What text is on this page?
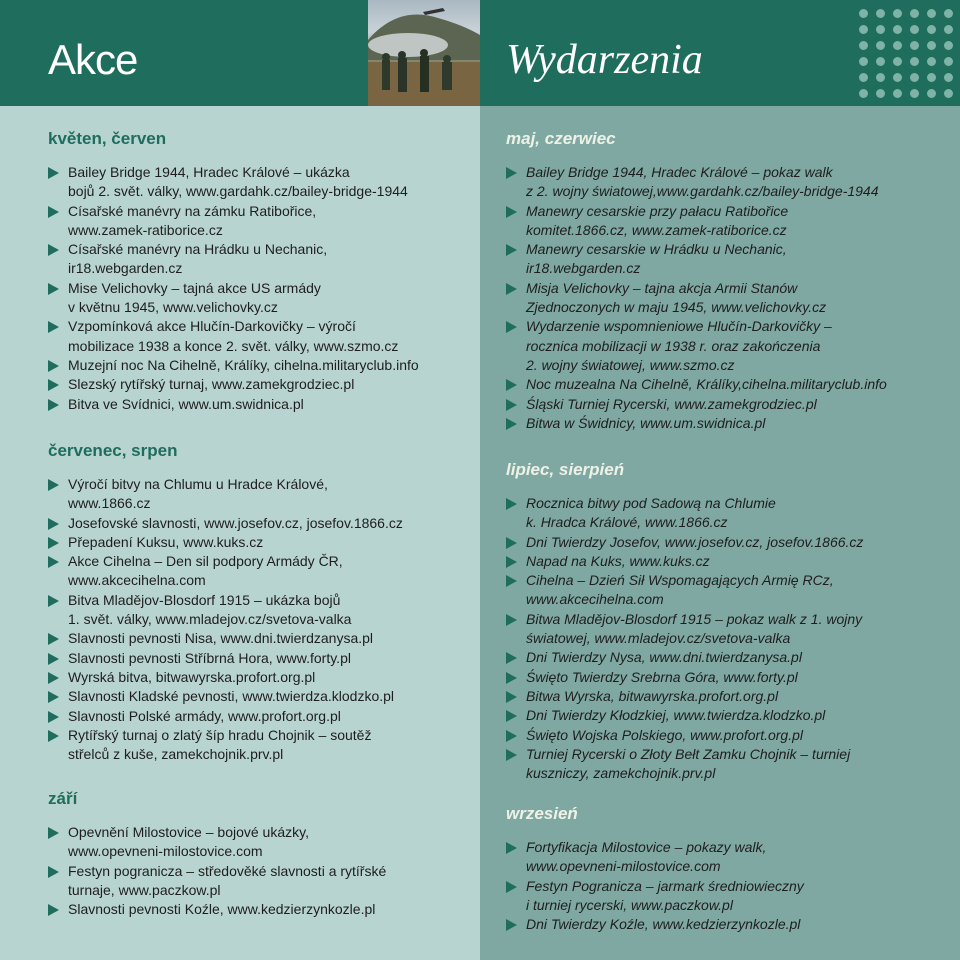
Akce	Wydarzenia
květen, červen
Bailey Bridge 1944, Hradec Králové – ukázka
bojů 2. svět. války, www.gardahk.cz/bailey-bridge-1944
Císařské manévry na zámku Ratibořice,
www.zamek-ratiborice.cz
Císařské manévry na Hrádku u Nechanic,
ir18.webgarden.cz
Mise Velichovky – tajná akce US armády
v květnu 1945, www.velichovky.cz
Vzpomínková akce Hlučín-Darkovičky – výročí
mobilizace 1938 a konce 2. svět. války, www.szmo.cz
Muzejní noc Na Cihelně, Králíky, cihelna.militaryclub.info
Slezský rytířský turnaj, www.zamekgrodziec.pl
Bitva ve Svídnici, www.um.swidnica.pl
červenec, srpen
Výročí bitvy na Chlumu u Hradce Králové,
www.1866.cz
Josefovské slavnosti, www.josefov.cz, josefov.1866.cz
Přepadení Kuksu, www.kuks.cz
Akce Cihelna – Den sil podpory Armády ČR,
www.akcecihelna.com
Bitva Mladějov-Blosdorf 1915 – ukázka bojů
1. svět. války, www.mladejov.cz/svetova-valka
Slavnosti pevnosti Nisa, www.dni.twierdzanysa.pl
Slavnosti pevnosti Stříbrná Hora, www.forty.pl
Wyrská bitva, bitwawyrska.profort.org.pl
Slavnosti Kladské pevnosti, www.twierdza.klodzko.pl
Slavnosti Polské armády, www.profort.org.pl
Rytířský turnaj o zlatý šíp hradu Chojnik – soutěž
střelců z kuše, zamekchojnik.prv.pl
září
Opevnění Milostovice – bojové ukázky,
www.opevneni-milostovice.com
Festyn pogranicza – středověké slavnosti a rytířské
turnaje, www.paczkow.pl
Slavnosti pevnosti Koźle, www.kedzierzynkozle.pl
maj, czerwiec
Bailey Bridge 1944, Hradec Králové – pokaz walk
z 2. wojny światowej,www.gardahk.cz/bailey-bridge-1944
Manewry cesarskie przy pałacu Ratibořice
komitet.1866.cz, www.zamek-ratiborice.cz
Manewry cesarskie w Hrádku u Nechanic,
ir18.webgarden.cz
Misja Velichovky – tajna akcja Armii Stanów
Zjednoczonych w maju 1945, www.velichovky.cz
Wydarzenie wspomnieniowe Hlučín-Darkovičky –
rocznica mobilizacji w 1938 r. oraz zakończenia
2. wojny światowej, www.szmo.cz
Noc muzealna Na Cihelně, Králíky,cihelna.militaryclub.info
Śląski Turniej Rycerski, www.zamekgrodziec.pl
Bitwa w Świdnicy, www.um.swidnica.pl
lipiec, sierpień
Rocznica bitwy pod Sadową na Chlumie
k. Hradca Králové, www.1866.cz
Dni Twierdzy Josefov, www.josefov.cz, josefov.1866.cz
Napad na Kuks, www.kuks.cz
Cihelna – Dzień Sił Wspomagających Armię RCz,
www.akcecihelna.com
Bitwa Mladějov-Blosdorf 1915 – pokaz walk z 1. wojny
światowej, www.mladejov.cz/svetova-valka
Dni Twierdzy Nysa, www.dni.twierdzanysa.pl
Święto Twierdzy Srebrna Góra, www.forty.pl
Bitwa Wyrska, bitwawyrska.profort.org.pl
Dni Twierdzy Kłodzkiej, www.twierdza.klodzko.pl
Święto Wojska Polskiego, www.profort.org.pl
Turniej Rycerski o Złoty Bełt Zamku Chojnik – turniej
kuszniczy, zamekchojnik.prv.pl
wrzesień
Fortyfikacja Milostovice – pokazy walk,
www.opevneni-milostovice.com
Festyn Pogranicza – jarmark średniowieczny
i turniej rycerski, www.paczkow.pl
Dni Twierdzy Koźle, www.kedzierzynkozle.pl
